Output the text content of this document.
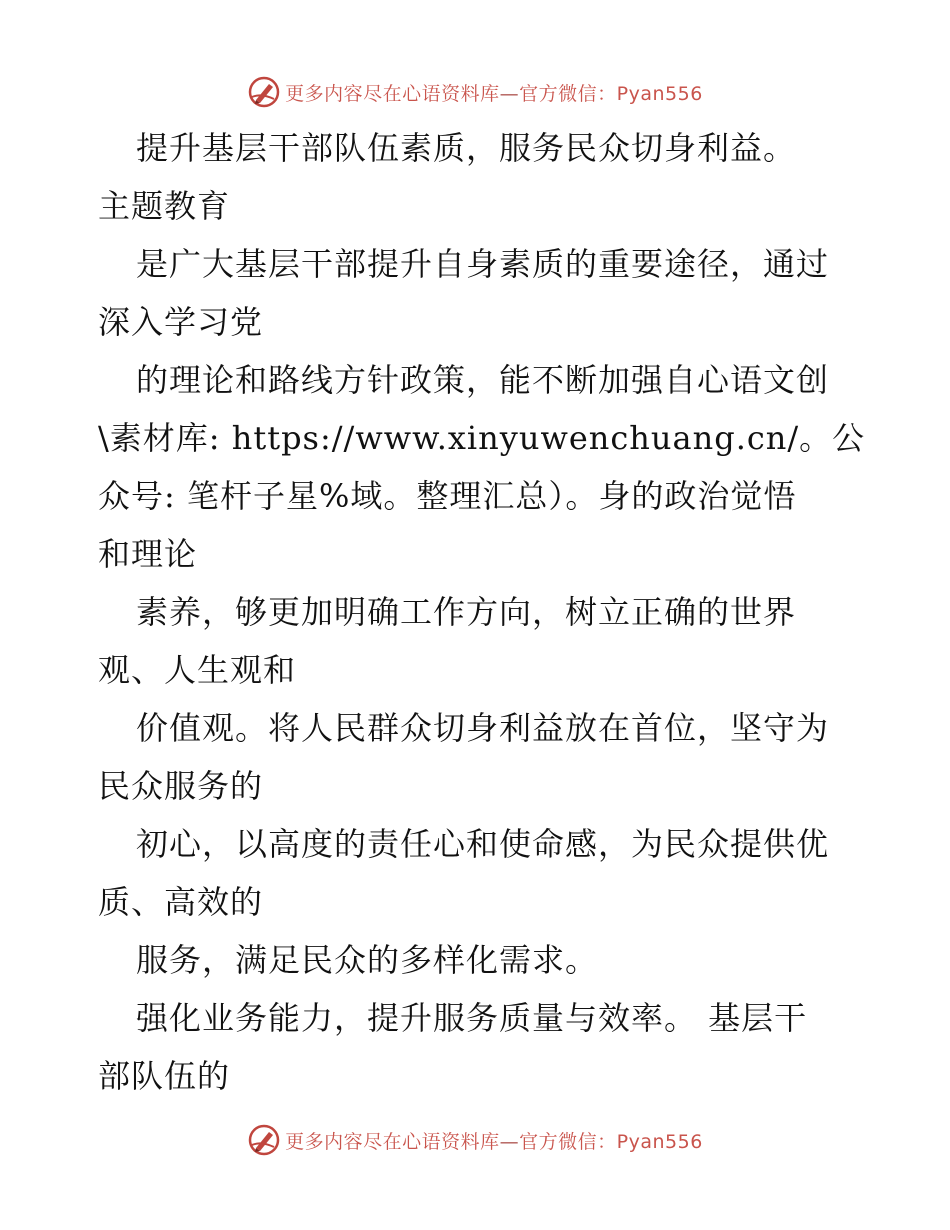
更多内容尽在心语资料库—官方微信：Pyan556
提升基层干部队伍素质，服务民众切身利益。
主题教育
是广大基层干部提升自身素质的重要途径，通过
深入学习党
的理论和路线方针政策，能不断加强自心语文创
\素材库: https://www.xinyuwenchuang.cn/。公
众号: 笔杆子星%域。整理汇总）。身的政治觉悟
和理论
素养，够更加明确工作方向，树立正确的世界
观、人生观和
价值观。将人民群众切身利益放在首位，坚守为
民众服务的
初心，以高度的责任心和使命感，为民众提供优
质、高效的
服务，满足民众的多样化需求。
强化业务能力，提升服务质量与效率。 基层干
部队伍的
更多内容尽在心语资料库—官方微信：Pyan556
